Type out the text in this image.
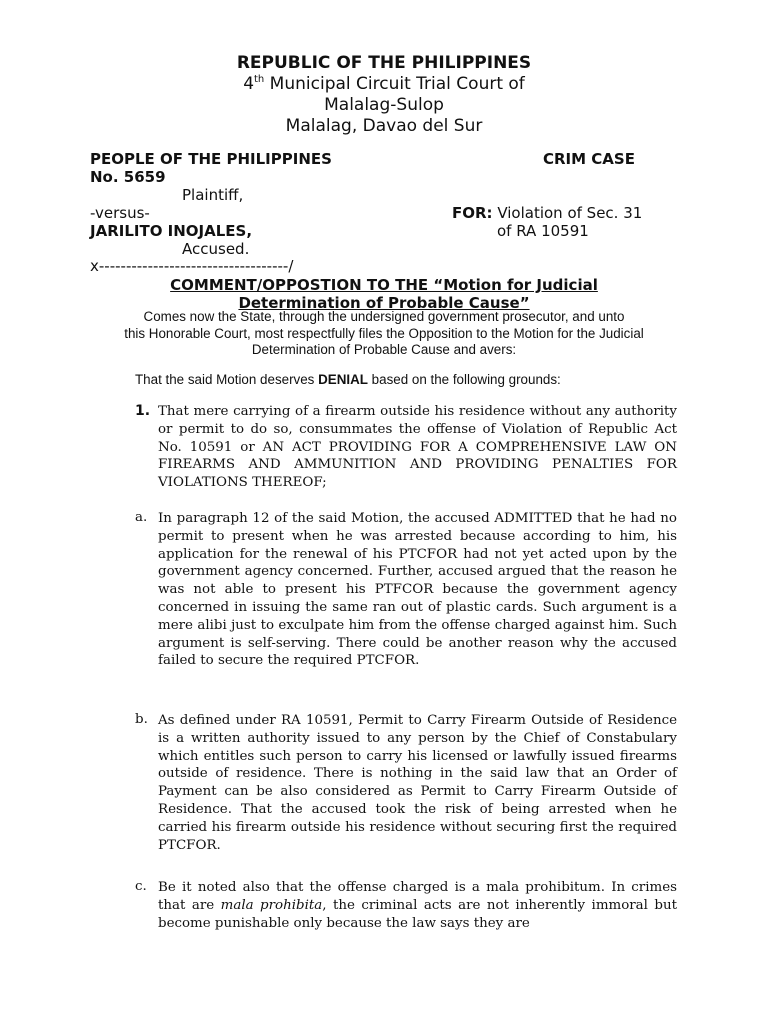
REPUBLIC OF THE PHILIPPINES
4th Municipal Circuit Trial Court of
Malalag-Sulop
Malalag, Davao del Sur
PEOPLE OF THE PHILIPPINES	CRIM CASE
No. 5659
Plaintiff,
-versus-	FOR: Violation of Sec. 31
JARILITO INOJALES,	of RA 10591
Accused.
x-----------------------------------/
COMMENT/OPPOSTION TO THE “Motion for Judicial
Determination of Probable Cause”
Comes now the State, through the undersigned government prosecutor, and unto
this Honorable Court, most respectfully files the Opposition to the Motion for the Judicial
Determination of Probable Cause and avers:
That the said Motion deserves DENIAL based on the following grounds:
1. That mere carrying of a firearm outside his residence without any authority or permit to do so, consummates the offense of Violation of Republic Act No. 10591 or AN ACT PROVIDING FOR A COMPREHENSIVE LAW ON FIREARMS AND AMMUNITION AND PROVIDING PENALTIES FOR VIOLATIONS THEREOF;
a. In paragraph 12 of the said Motion, the accused ADMITTED that he had no permit to present when he was arrested because according to him, his application for the renewal of his PTCFOR had not yet acted upon by the government agency concerned. Further, accused argued that the reason he was not able to present his PTFCOR because the government agency concerned in issuing the same ran out of plastic cards. Such argument is a mere alibi just to exculpate him from the offense charged against him. Such argument is self-serving. There could be another reason why the accused failed to secure the required PTCFOR.
b. As defined under RA 10591, Permit to Carry Firearm Outside of Residence is a written authority issued to any person by the Chief of Constabulary which entitles such person to carry his licensed or lawfully issued firearms outside of residence. There is nothing in the said law that an Order of Payment can be also considered as Permit to Carry Firearm Outside of Residence. That the accused took the risk of being arrested when he carried his firearm outside his residence without securing first the required PTCFOR.
c. Be it noted also that the offense charged is a mala prohibitum. In crimes that are mala prohibita, the criminal acts are not inherently immoral but become punishable only because the law says they are
